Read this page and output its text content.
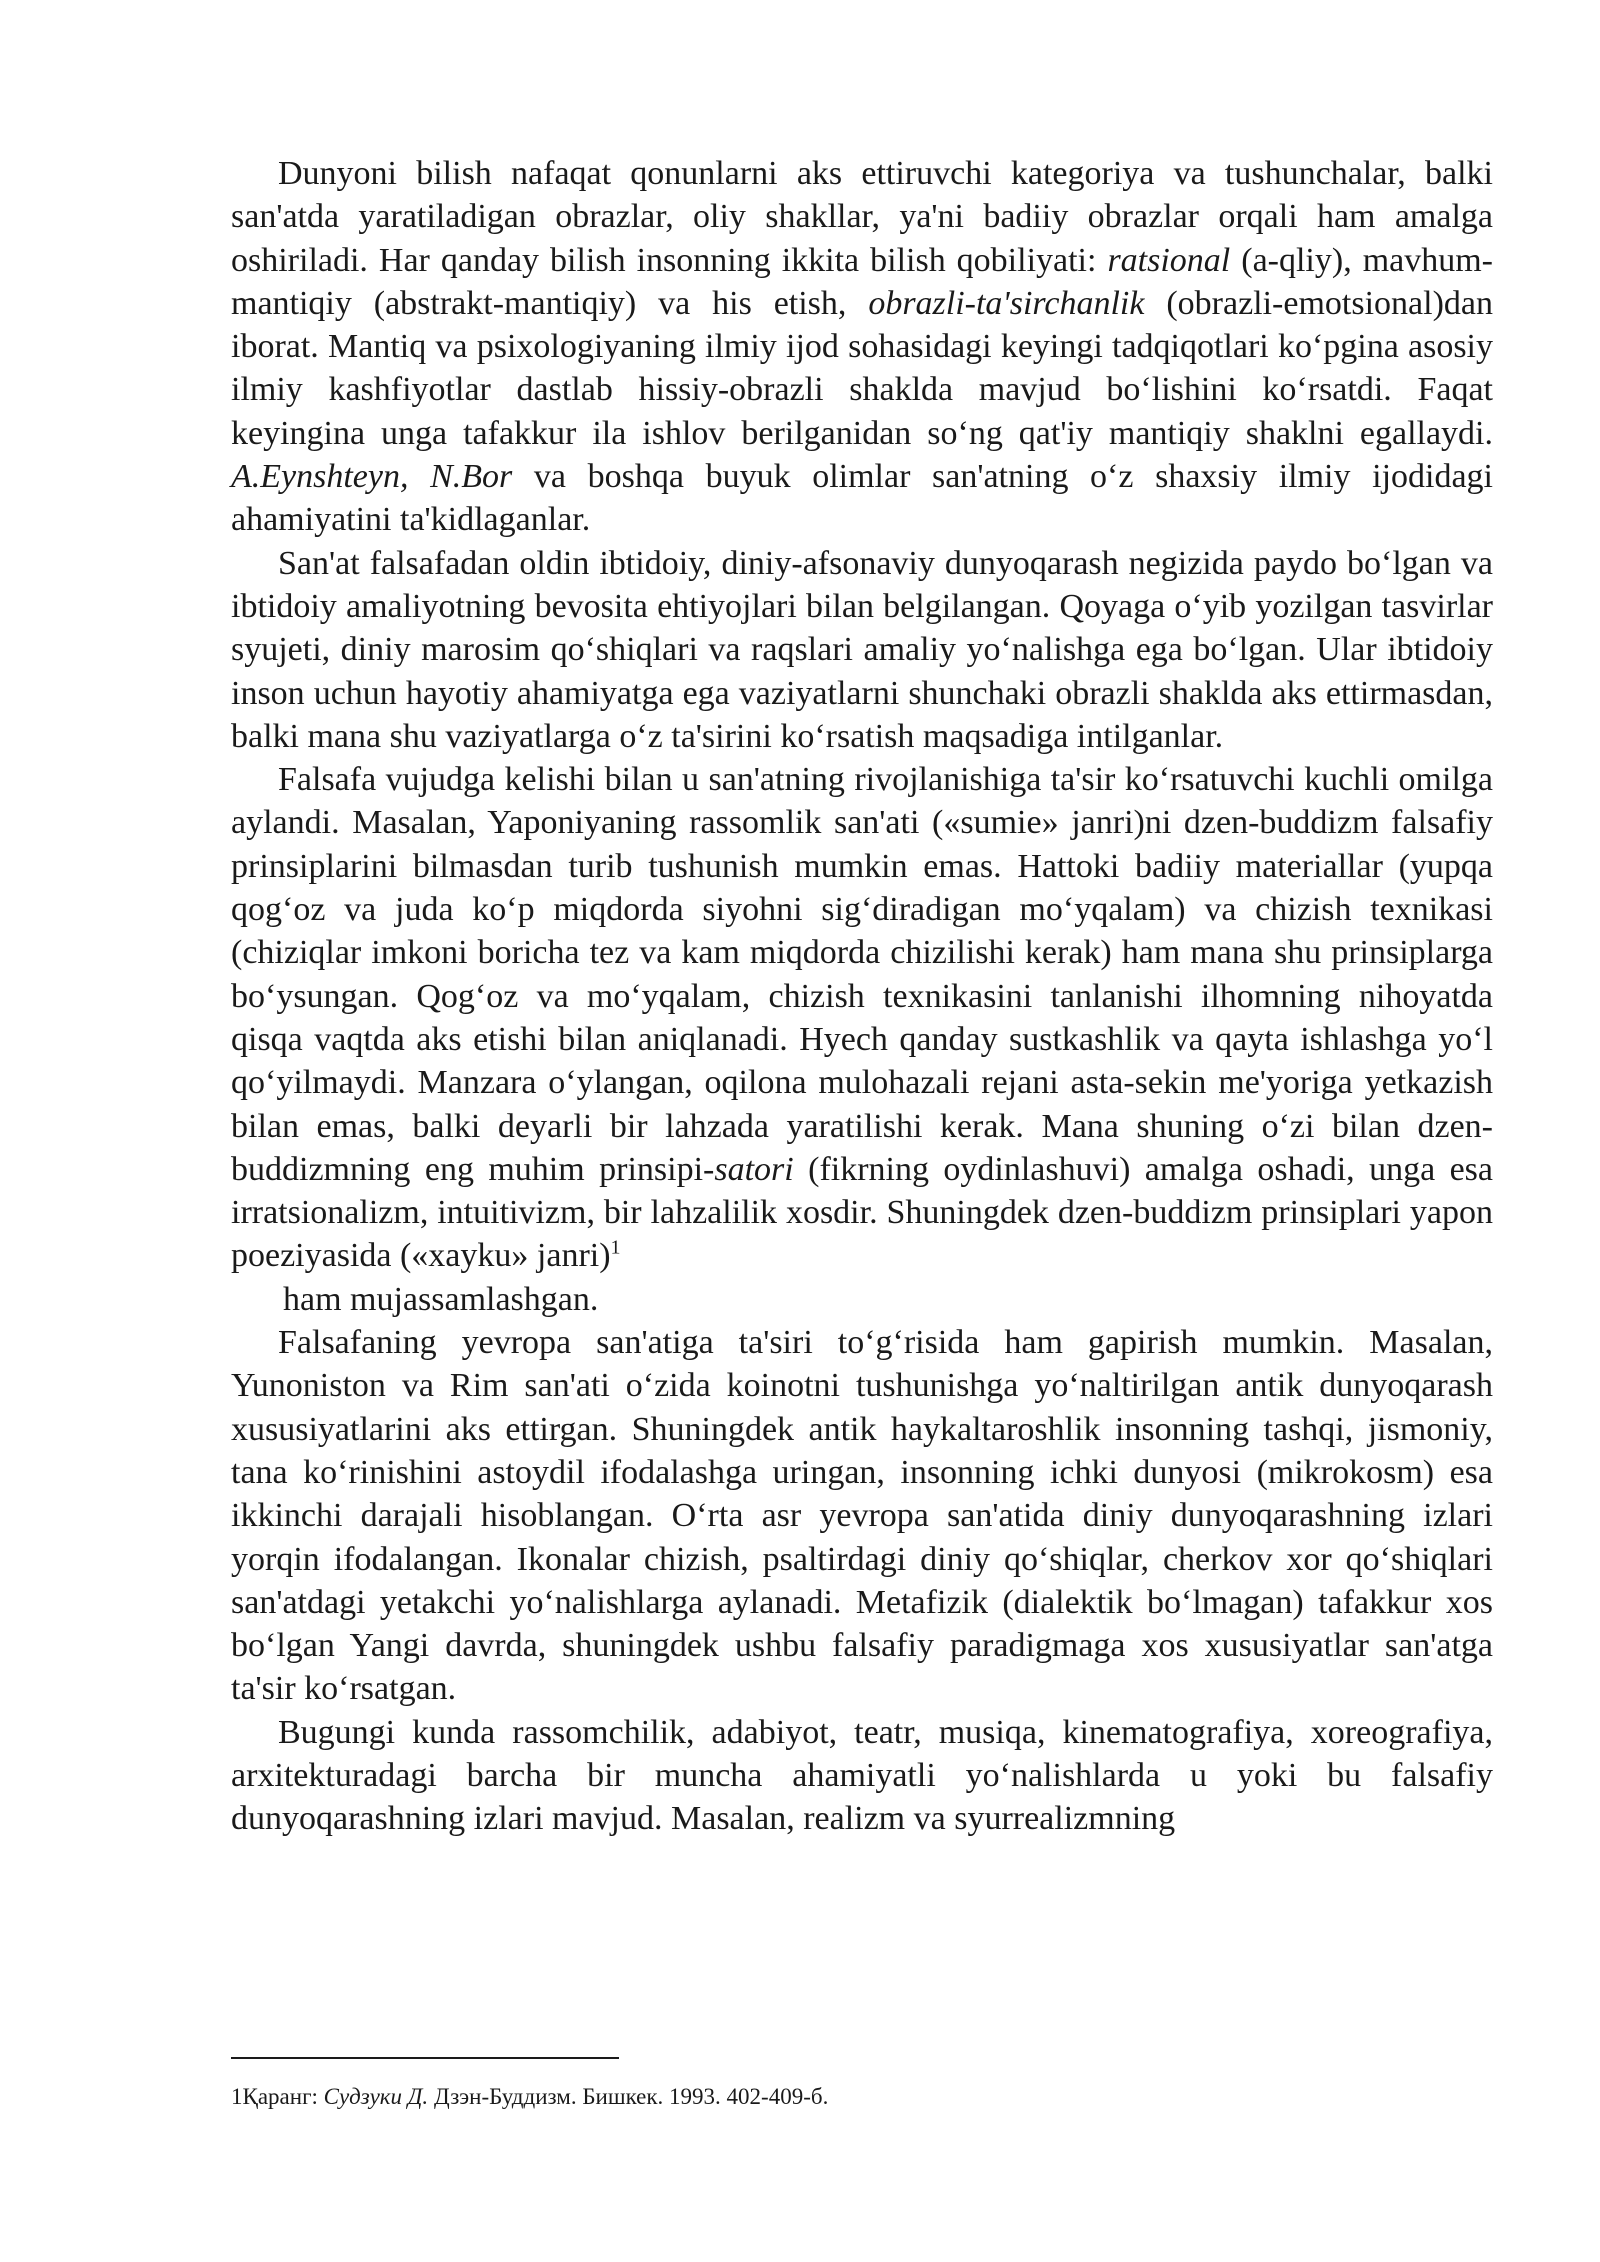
Dunyoni bilish nafaqat qonunlarni aks ettiruvchi kategoriya va tushunchalar, balki san'atda yaratiladigan obrazlar, oliy shakllar, ya'ni badiiy obrazlar orqali ham amalga oshiriladi. Har qanday bilish insonning ikkita bilish qobiliyati: ratsional (a-qliy), mavhum-mantiqiy (abstrakt-mantiqiy) va his etish, obrazli-ta'sirchanlik (obrazli-emotsional)dan iborat. Mantiq va psixologiyaning ilmiy ijod sohasidagi keyingi tadqiqotlari ko‘pgina asosiy ilmiy kashfiyotlar dastlab hissiy-obrazli shaklda mavjud bo‘lishini ko‘rsatdi. Faqat keyingina unga tafakkur ila ishlov berilganidan so‘ng qat'iy mantiqiy shaklni egallaydi. A.Eynshteyn, N.Bor va boshqa buyuk olimlar san'atning o‘z shaxsiy ilmiy ijodidagi ahamiyatini ta'kidlaganlar.

San'at falsafadan oldin ibtidoiy, diniy-afsonaviy dunyoqarash negizida paydo bo‘lgan va ibtidoiy amaliyotning bevosita ehtiyojlari bilan belgilangan. Qoyaga o‘yib yozilgan tasvirlar syujeti, diniy marosim qo‘shiqlari va raqslari amaliy yo‘nalishga ega bo‘lgan. Ular ibtidoiy inson uchun hayotiy ahamiyatga ega vaziyatlarni shunchaki obrazli shaklda aks ettirmasdan, balki mana shu vaziyatlarga o‘z ta'sirini ko‘rsatish maqsadiga intilganlar.

Falsafa vujudga kelishi bilan u san'atning rivojlanishiga ta'sir ko‘rsatuvchi kuchli omilga aylandi. Masalan, Yaponiyaning rassomlik san'ati («sumie» janri)ni dzen-buddizm falsafiy prinsiplarini bilmasdan turib tushunish mumkin emas. Hattoki badiiy materiallar (yupqa qog‘oz va juda ko‘p miqdorda siyohni sig‘diradigan mo‘yqalam) va chizish texnikasi (chiziqlar imkoni boricha tez va kam miqdorda chizilishi kerak) ham mana shu prinsiplarga bo‘ysungan. Qog‘oz va mo‘yqalam, chizish texnikasini tanlanishi ilhomning nihoyatda qisqa vaqtda aks etishi bilan aniqlanadi. Hyech qanday sustkashlik va qayta ishlashga yo‘l qo‘yilmaydi. Manzara o‘ylangan, oqilona mulohazali rejani asta-sekin me'yoriga yetkazish bilan emas, balki deyarli bir lahzada yaratilishi kerak. Mana shuning o‘zi bilan dzen-buddizmning eng muhim prinsipi-satori (fikrning oydinlashuvi) amalga oshadi, unga esa irratsionalizm, intuitivizm, bir lahzalilik xosdir. Shuningdek dzen-buddizm prinsiplari yapon poeziyasida («xayku» janri)$^1$

ham mujassamlashgan.

Falsafaning yevropa san'atiga ta'siri to‘g‘risida ham gapirish mumkin. Masalan, Yunoniston va Rim san'ati o‘zida koinotni tushunishga yo‘naltirilgan antik dunyoqarash xususiyatlarini aks ettirgan. Shuningdek antik haykaltaroshlik insonning tashqi, jismoniy, tana ko‘rinishini astoydil ifodalashga uringan, insonning ichki dunyosi (mikrokosm) esa ikkinchi darajali hisoblangan. O‘rta asr yevropa san'atida diniy dunyoqarashning izlari yorqin ifodalangan. Ikonalar chizish, psaltirdagi diniy qo‘shiqlar, cherkov xor qo‘shiqlari san'atdagi yetakchi yo‘nalishlarga aylanadi. Metafizik (dialektik bo‘lmagan) tafakkur xos bo‘lgan Yangi davrda, shuningdek ushbu falsafiy paradigmaga xos xususiyatlar san'atga ta'sir ko‘rsatgan.

Bugungi kunda rassomchilik, adabiyot, teatr, musiqa, kinematografiya, xoreografiya, arxitekturadagi barcha bir muncha ahamiyatli yo‘nalishlarda u yoki bu falsafiy dunyoqarashning izlari mavjud. Masalan, realizm va syurrealizmning

1Қаранг: Судзуки Д. Дзэн-Буддизм. Бишкек. 1993. 402-409-б.
